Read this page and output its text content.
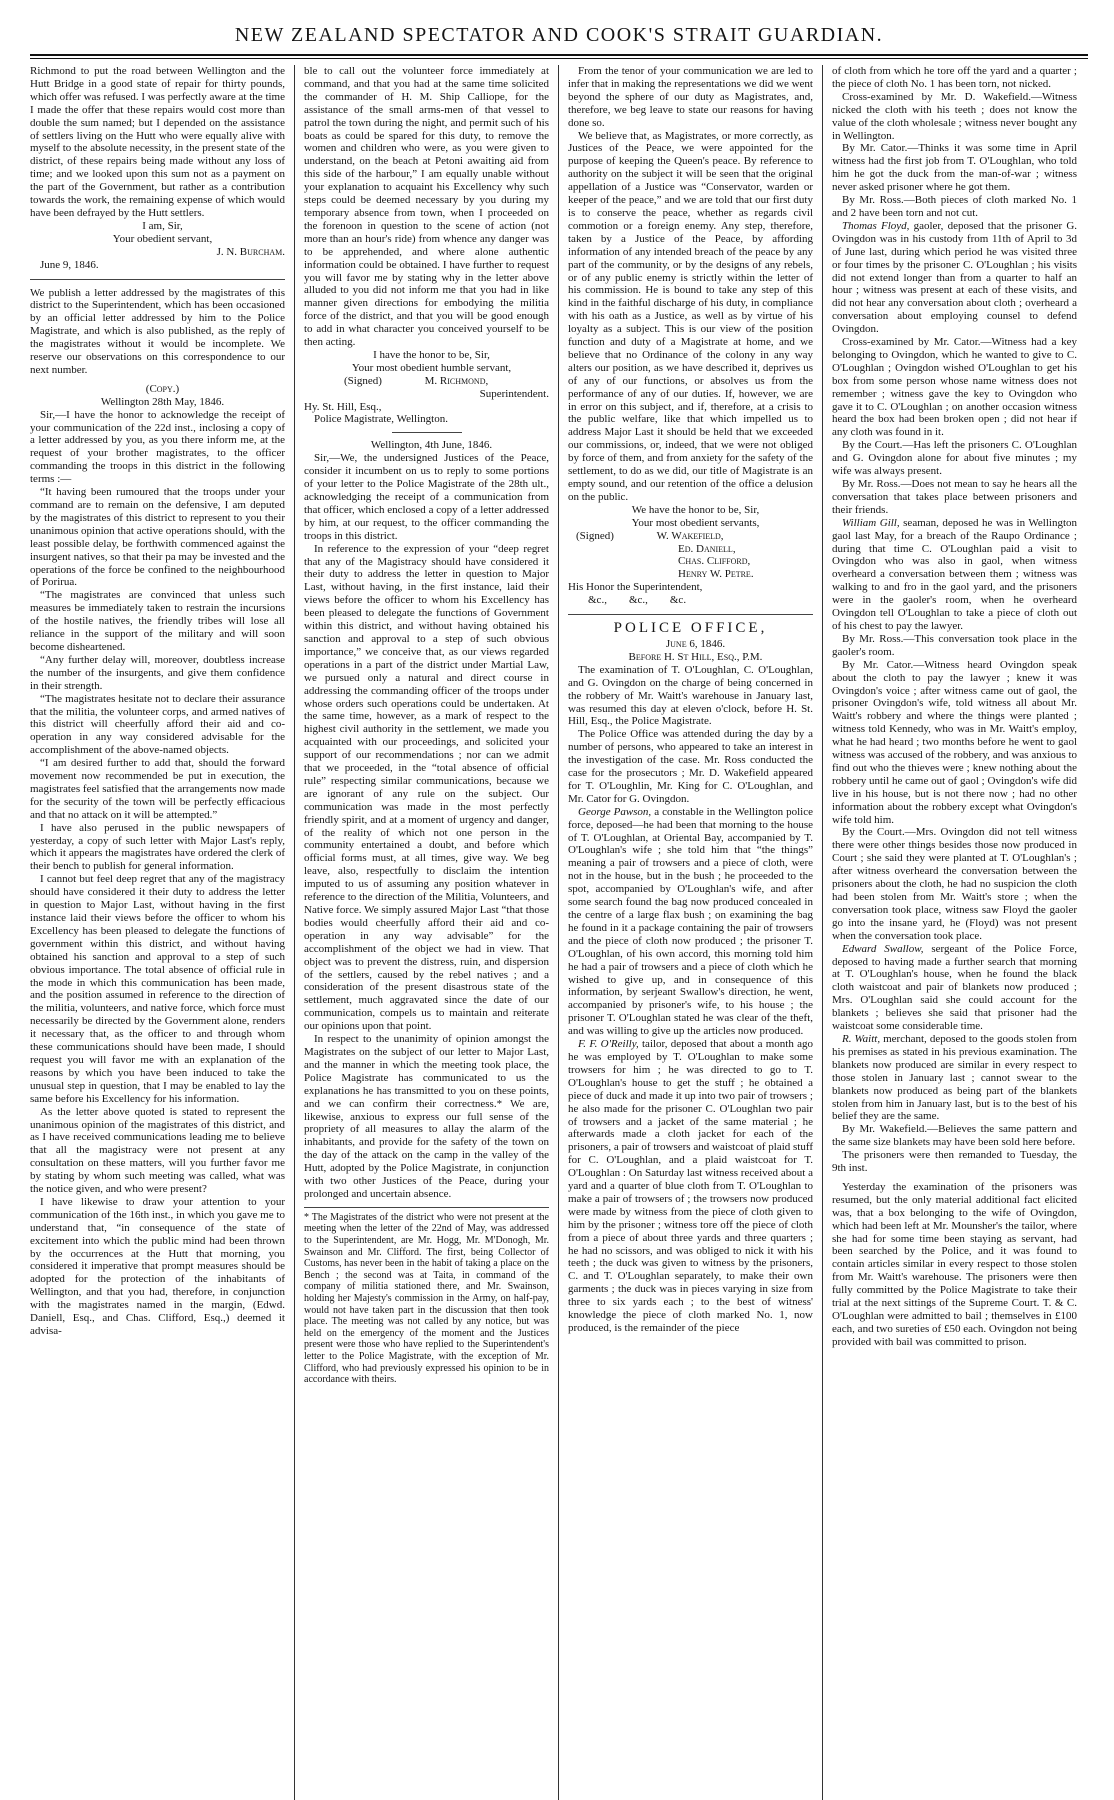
NEW ZEALAND SPECTATOR AND COOK'S STRAIT GUARDIAN.

Richmond to put the road between Wellington and the Hutt Bridge in a good state of repair for thirty pounds, which offer was refused. I was perfectly aware at the time I made the offer that these repairs would cost more than double the sum named; but I depended on the assistance of settlers living on the Hutt who were equally alive with myself to the absolute necessity, in the present state of the district, of these repairs being made without any loss of time; and we looked upon this sum not as a payment on the part of the Government, but rather as a contribution towards the work, the remaining expense of which would have been defrayed by the Hutt settlers.

I am, Sir,

Your obedient servant,

J. N. Burcham.

June 9, 1846.

We publish a letter addressed by the magistrates of this district to the Superintendent, which has been occasioned by an official letter addressed by him to the Police Magistrate, and which is also published, as the reply of the magistrates without it would be incomplete. We reserve our observations on this correspondence to our next number.

(Copy.)

Wellington 28th May, 1846.

Sir,—I have the honor to acknowledge the receipt of your communication of the 22d inst., inclosing a copy of a letter addressed by you, as you there inform me, at the request of your brother magistrates, to the officer commanding the troops in this district in the following terms :—

“It having been rumoured that the troops under your command are to remain on the defensive, I am deputed by the magistrates of this district to represent to you their unanimous opinion that active operations should, with the least possible delay, be forthwith commenced against the insurgent natives, so that their pa may be invested and the operations of the force be confined to the neighbourhood of Porirua.

“The magistrates are convinced that unless such measures be immediately taken to restrain the incursions of the hostile natives, the friendly tribes will lose all reliance in the support of the military and will soon become disheartened.

“Any further delay will, moreover, doubtless increase the number of the insurgents, and give them confidence in their strength.

“The magistrates hesitate not to declare their assurance that the militia, the volunteer corps, and armed natives of this district will cheerfully afford their aid and co-operation in any way considered advisable for the accomplishment of the above-named objects.

“I am desired further to add that, should the forward movement now recommended be put in execution, the magistrates feel satisfied that the arrangements now made for the security of the town will be perfectly efficacious and that no attack on it will be attempted.”

I have also perused in the public newspapers of yesterday, a copy of such letter with Major Last's reply, which it appears the magistrates have ordered the clerk of their bench to publish for general information.

I cannot but feel deep regret that any of the magistracy should have considered it their duty to address the letter in question to Major Last, without having in the first instance laid their views before the officer to whom his Excellency has been pleased to delegate the functions of government within this district, and without having obtained his sanction and approval to a step of such obvious importance. The total absence of official rule in the mode in which this communication has been made, and the position assumed in reference to the direction of the militia, volunteers, and native force, which force must necessarily be directed by the Government alone, renders it necessary that, as the officer to and through whom these communications should have been made, I should request you will favor me with an explanation of the reasons by which you have been induced to take the unusual step in question, that I may be enabled to lay the same before his Excellency for his information.

As the letter above quoted is stated to represent the unanimous opinion of the magistrates of this district, and as I have received communications leading me to believe that all the magistracy were not present at any consultation on these matters, will you further favor me by stating by whom such meeting was called, what was the notice given, and who were present?

I have likewise to draw your attention to your communication of the 16th inst., in which you gave me to understand that, “in consequence of the state of excitement into which the public mind had been thrown by the occurrences at the Hutt that morning, you considered it imperative that prompt measures should be adopted for the protection of the inhabitants of Wellington, and that you had, therefore, in conjunction with the magistrates named in the margin, (Edwd. Daniell, Esq., and Chas. Clifford, Esq.,) deemed it advisa-

ble to call out the volunteer force immediately at command, and that you had at the same time solicited the commander of H. M. Ship Calliope, for the assistance of the small arms-men of that vessel to patrol the town during the night, and permit such of his boats as could be spared for this duty, to remove the women and children who were, as you were given to understand, on the beach at Petoni awaiting aid from this side of the harbour,” I am equally unable without your explanation to acquaint his Excellency why such steps could be deemed necessary by you during my temporary absence from town, when I proceeded on the forenoon in question to the scene of action (not more than an hour's ride) from whence any danger was to be apprehended, and where alone authentic information could be obtained. I have further to request you will favor me by stating why in the letter above alluded to you did not inform me that you had in like manner given directions for embodying the militia force of the district, and that you will be good enough to add in what character you conceived yourself to be then acting.

I have the honor to be, Sir,

Your most obedient humble servant,

(Signed)	M. Richmond,

Superintendent.

Hy. St. Hill, Esq.,

Police Magistrate, Wellington.

Wellington, 4th June, 1846.

Sir,—We, the undersigned Justices of the Peace, consider it incumbent on us to reply to some portions of your letter to the Police Magistrate of the 28th ult., acknowledging the receipt of a communication from that officer, which enclosed a copy of a letter addressed by him, at our request, to the officer commanding the troops in this district.

In reference to the expression of your “deep regret that any of the Magistracy should have considered it their duty to address the letter in question to Major Last, without having, in the first instance, laid their views before the officer to whom his Excellency has been pleased to delegate the functions of Government within this district, and without having obtained his sanction and approval to a step of such obvious importance,” we conceive that, as our views regarded operations in a part of the district under Martial Law, we pursued only a natural and direct course in addressing the commanding officer of the troops under whose orders such operations could be undertaken. At the same time, however, as a mark of respect to the highest civil authority in the settlement, we made you acquainted with our proceedings, and solicited your support of our recommendations ; nor can we admit that we proceeded, in the “total absence of official rule” respecting similar communications, because we are ignorant of any rule on the subject. Our communication was made in the most perfectly friendly spirit, and at a moment of urgency and danger, of the reality of which not one person in the community entertained a doubt, and before which official forms must, at all times, give way. We beg leave, also, respectfully to disclaim the intention imputed to us of assuming any position whatever in reference to the direction of the Militia, Volunteers, and Native force. We simply assured Major Last “that those bodies would cheerfully afford their aid and co-operation in any way advisable” for the accomplishment of the object we had in view. That object was to prevent the distress, ruin, and dispersion of the settlers, caused by the rebel natives ; and a consideration of the present disastrous state of the settlement, much aggravated since the date of our communication, compels us to maintain and reiterate our opinions upon that point.

In respect to the unanimity of opinion amongst the Magistrates on the subject of our letter to Major Last, and the manner in which the meeting took place, the Police Magistrate has communicated to us the explanations he has transmitted to you on these points, and we can confirm their correctness.* We are, likewise, anxious to express our full sense of the propriety of all measures to allay the alarm of the inhabitants, and provide for the safety of the town on the day of the attack on the camp in the valley of the Hutt, adopted by the Police Magistrate, in conjunction with two other Justices of the Peace, during your prolonged and uncertain absence.

* The Magistrates of the district who were not present at the meeting when the letter of the 22nd of May, was addressed to the Superintendent, are Mr. Hogg, Mr. M'Donogh, Mr. Swainson and Mr. Clifford. The first, being Collector of Customs, has never been in the habit of taking a place on the Bench ; the second was at Taita, in command of the company of militia stationed there, and Mr. Swainson, holding her Majesty's commission in the Army, on half-pay, would not have taken part in the discussion that then took place. The meeting was not called by any notice, but was held on the emergency of the moment and the Justices present were those who have replied to the Superintendent's letter to the Police Magistrate, with the exception of Mr. Clifford, who had previously expressed his opinion to be in accordance with theirs.

From the tenor of your communication we are led to infer that in making the representations we did we went beyond the sphere of our duty as Magistrates, and, therefore, we beg leave to state our reasons for having done so.

We believe that, as Magistrates, or more correctly, as Justices of the Peace, we were appointed for the purpose of keeping the Queen's peace. By reference to authority on the subject it will be seen that the original appellation of a Justice was “Conservator, warden or keeper of the peace,” and we are told that our first duty is to conserve the peace, whether as regards civil commotion or a foreign enemy. Any step, therefore, taken by a Justice of the Peace, by affording information of any intended breach of the peace by any part of the community, or by the designs of any rebels, or of any public enemy is strictly within the letter of his commission. He is bound to take any step of this kind in the faithful discharge of his duty, in compliance with his oath as a Justice, as well as by virtue of his loyalty as a subject. This is our view of the position function and duty of a Magistrate at home, and we believe that no Ordinance of the colony in any way alters our position, as we have described it, deprives us of any of our functions, or absolves us from the performance of any of our duties. If, however, we are in error on this subject, and if, therefore, at a crisis to the public welfare, like that which impelled us to address Major Last it should be held that we exceeded our commissions, or, indeed, that we were not obliged by force of them, and from anxiety for the safety of the settlement, to do as we did, our title of Magistrate is an empty sound, and our retention of the office a delusion on the public.

We have the honor to be, Sir,

Your most obedient servants,

(Signed)	W. Wakefield,

Ed. Daniell,

Chas. Clifford,

Henry W. Petre.

His Honor the Superintendent,

&c.,        &c.,        &c.

POLICE OFFICE,

June 6, 1846.

Before H. St Hill, Esq., P.M.

The examination of T. O'Loughlan, C. O'Loughlan, and G. Ovingdon on the charge of being concerned in the robbery of Mr. Waitt's warehouse in January last, was resumed this day at eleven o'clock, before H. St. Hill, Esq., the Police Magistrate.

The Police Office was attended during the day by a number of persons, who appeared to take an interest in the investigation of the case. Mr. Ross conducted the case for the prosecutors ; Mr. D. Wakefield appeared for T. O'Loughlin, Mr. King for C. O'Loughlan, and Mr. Cator for G. Ovingdon.

George Pawson, a constable in the Wellington police force, deposed—he had been that morning to the house of T. O'Loughlan, at Oriental Bay, accompanied by T. O'Loughlan's wife ; she told him that “the things” meaning a pair of trowsers and a piece of cloth, were not in the house, but in the bush ; he proceeded to the spot, accompanied by O'Loughlan's wife, and after some search found the bag now produced concealed in the centre of a large flax bush ; on examining the bag he found in it a package containing the pair of trowsers and the piece of cloth now produced ; the prisoner T. O'Loughlan, of his own accord, this morning told him he had a pair of trowsers and a piece of cloth which he wished to give up, and in consequence of this information, by serjeant Swallow's direction, he went, accompanied by prisoner's wife, to his house ; the prisoner T. O'Loughlan stated he was clear of the theft, and was willing to give up the articles now produced.

F. F. O'Reilly, tailor, deposed that about a month ago he was employed by T. O'Loughlan to make some trowsers for him ; he was directed to go to T. O'Loughlan's house to get the stuff ; he obtained a piece of duck and made it up into two pair of trowsers ; he also made for the prisoner C. O'Loughlan two pair of trowsers and a jacket of the same material ; he afterwards made a cloth jacket for each of the prisoners, a pair of trowsers and waistcoat of plaid stuff for C. O'Loughlan, and a plaid waistcoat for T. O'Loughlan : On Saturday last witness received about a yard and a quarter of blue cloth from T. O'Loughlan to make a pair of trowsers of ; the trowsers now produced were made by witness from the piece of cloth given to him by the prisoner ; witness tore off the piece of cloth from a piece of about three yards and three quarters ; he had no scissors, and was obliged to nick it with his teeth ; the duck was given to witness by the prisoners, C. and T. O'Loughlan separately, to make their own garments ; the duck was in pieces varying in size from three to six yards each ; to the best of witness' knowledge the piece of cloth marked No. 1, now produced, is the remainder of the piece

of cloth from which he tore off the yard and a quarter ; the piece of cloth No. 1 has been torn, not nicked.

Cross-examined by Mr. D. Wakefield.—Witness nicked the cloth with his teeth ; does not know the value of the cloth wholesale ; witness never bought any in Wellington.

By Mr. Cator.—Thinks it was some time in April witness had the first job from T. O'Loughlan, who told him he got the duck from the man-of-war ; witness never asked prisoner where he got them.

By Mr. Ross.—Both pieces of cloth marked No. 1 and 2 have been torn and not cut.

Thomas Floyd, gaoler, deposed that the prisoner G. Ovingdon was in his custody from 11th of April to 3d of June last, during which period he was visited three or four times by the prisoner C. O'Loughlan ; his visits did not extend longer than from a quarter to half an hour ; witness was present at each of these visits, and did not hear any conversation about cloth ; overheard a conversation about employing counsel to defend Ovingdon.

Cross-examined by Mr. Cator.—Witness had a key belonging to Ovingdon, which he wanted to give to C. O'Loughlan ; Ovingdon wished O'Loughlan to get his box from some person whose name witness does not remember ; witness gave the key to Ovingdon who gave it to C. O'Loughlan ; on another occasion witness heard the box had been broken open ; did not hear if any cloth was found in it.

By the Court.—Has left the prisoners C. O'Loughlan and G. Ovingdon alone for about five minutes ; my wife was always present.

By Mr. Ross.—Does not mean to say he hears all the conversation that takes place between prisoners and their friends.

William Gill, seaman, deposed he was in Wellington gaol last May, for a breach of the Raupo Ordinance ; during that time C. O'Loughlan paid a visit to Ovingdon who was also in gaol, when witness overheard a conversation between them ; witness was walking to and fro in the gaol yard, and the prisoners were in the gaoler's room, when he overheard Ovingdon tell O'Loughlan to take a piece of cloth out of his chest to pay the lawyer.

By Mr. Ross.—This conversation took place in the gaoler's room.

By Mr. Cator.—Witness heard Ovingdon speak about the cloth to pay the lawyer ; knew it was Ovingdon's voice ; after witness came out of gaol, the prisoner Ovingdon's wife, told witness all about Mr. Waitt's robbery and where the things were planted ; witness told Kennedy, who was in Mr. Waitt's employ, what he had heard ; two months before he went to gaol witness was accused of the robbery, and was anxious to find out who the thieves were ; knew nothing about the robbery until he came out of gaol ; Ovingdon's wife did live in his house, but is not there now ; had no other information about the robbery except what Ovingdon's wife told him.

By the Court.—Mrs. Ovingdon did not tell witness there were other things besides those now produced in Court ; she said they were planted at T. O'Loughlan's ; after witness overheard the conversation between the prisoners about the cloth, he had no suspicion the cloth had been stolen from Mr. Waitt's store ; when the conversation took place, witness saw Floyd the gaoler go into the insane yard, he (Floyd) was not present when the conversation took place.

Edward Swallow, sergeant of the Police Force, deposed to having made a further search that morning at T. O'Loughlan's house, when he found the black cloth waistcoat and pair of blankets now produced ; Mrs. O'Loughlan said she could account for the blankets ; believes she said that prisoner had the waistcoat some considerable time.

R. Waitt, merchant, deposed to the goods stolen from his premises as stated in his previous examination. The blankets now produced are similar in every respect to those stolen in January last ; cannot swear to the blankets now produced as being part of the blankets stolen from him in January last, but is to the best of his belief they are the same.

By Mr. Wakefield.—Believes the same pattern and the same size blankets may have been sold here before.

The prisoners were then remanded to Tuesday, the 9th inst.

Yesterday the examination of the prisoners was resumed, but the only material additional fact elicited was, that a box belonging to the wife of Ovingdon, which had been left at Mr. Mounsher's the tailor, where she had for some time been staying as servant, had been searched by the Police, and it was found to contain articles similar in every respect to those stolen from Mr. Waitt's warehouse. The prisoners were then fully committed by the Police Magistrate to take their trial at the next sittings of the Supreme Court. T. & C. O'Loughlan were admitted to bail ; themselves in £100 each, and two sureties of £50 each. Ovingdon not being provided with bail was committed to prison.
